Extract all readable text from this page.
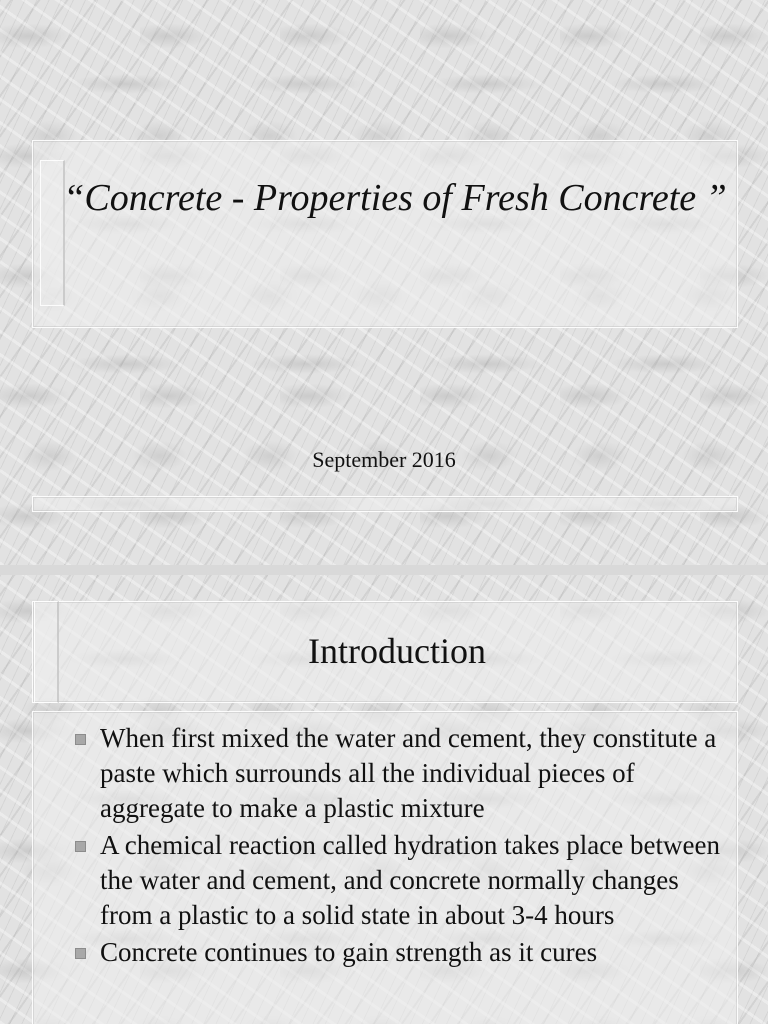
“Concrete - Properties of Fresh Concrete ”
September 2016
Introduction
When first mixed the water and cement, they constitute a paste which surrounds all the individual pieces of aggregate to make a plastic mixture
A chemical reaction called hydration takes place between the water and cement, and concrete normally changes from a plastic to a solid state in about 3-4 hours
Concrete continues to gain strength as it cures
